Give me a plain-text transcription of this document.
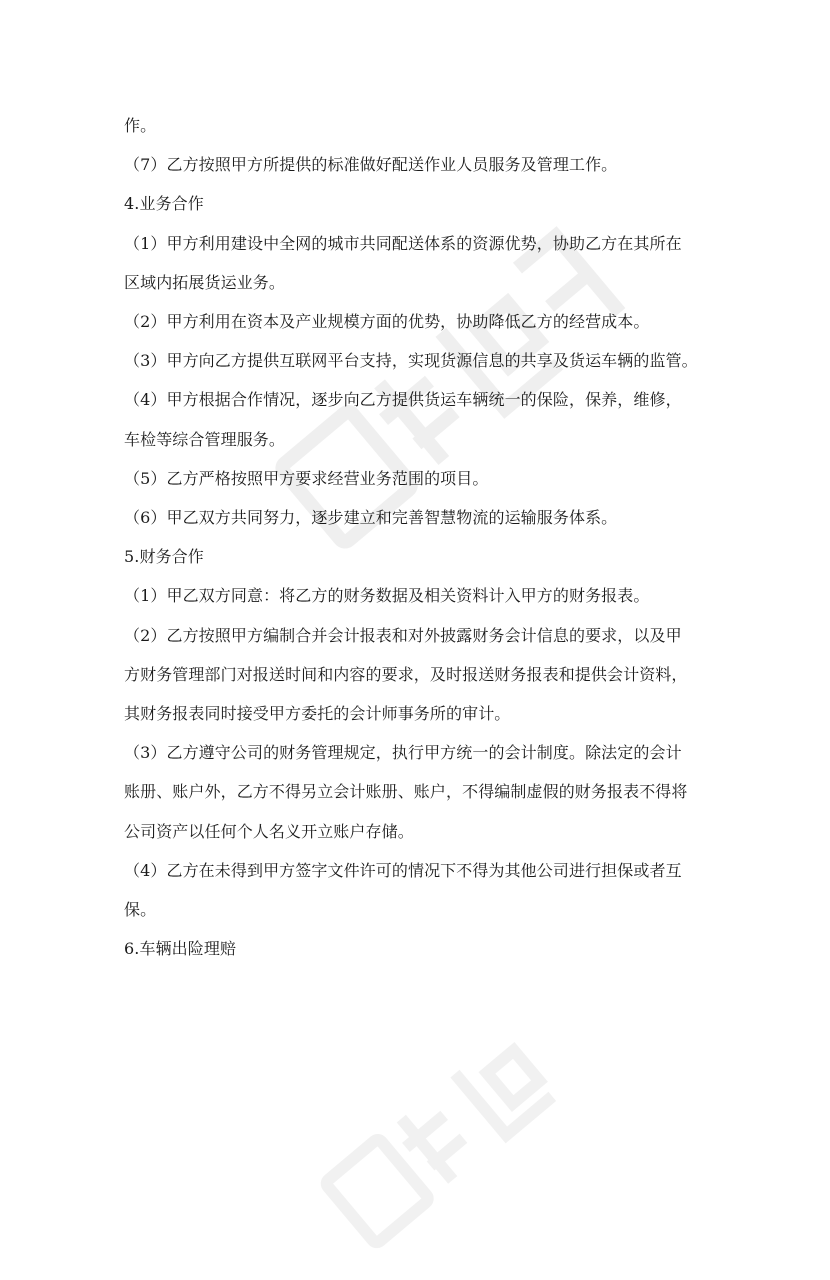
作。
（7）乙方按照甲方所提供的标准做好配送作业人员服务及管理工作。
4.业务合作
（1）甲方利用建设中全网的城市共同配送体系的资源优势，协助乙方在其所在
区域内拓展货运业务。
（2）甲方利用在资本及产业规模方面的优势，协助降低乙方的经营成本。
（3）甲方向乙方提供互联网平台支持，实现货源信息的共享及货运车辆的监管。
（4）甲方根据合作情况，逐步向乙方提供货运车辆统一的保险，保养，维修，
车检等综合管理服务。
（5）乙方严格按照甲方要求经营业务范围的项目。
（6）甲乙双方共同努力，逐步建立和完善智慧物流的运输服务体系。
5.财务合作
（1）甲乙双方同意：将乙方的财务数据及相关资料计入甲方的财务报表。
（2）乙方按照甲方编制合并会计报表和对外披露财务会计信息的要求，以及甲
方财务管理部门对报送时间和内容的要求，及时报送财务报表和提供会计资料，
其财务报表同时接受甲方委托的会计师事务所的审计。
（3）乙方遵守公司的财务管理规定，执行甲方统一的会计制度。除法定的会计
账册、账户外，乙方不得另立会计账册、账户，不得编制虚假的财务报表不得将
公司资产以任何个人名义开立账户存储。
（4）乙方在未得到甲方签字文件许可的情况下不得为其他公司进行担保或者互
保。
6.车辆出险理赔
